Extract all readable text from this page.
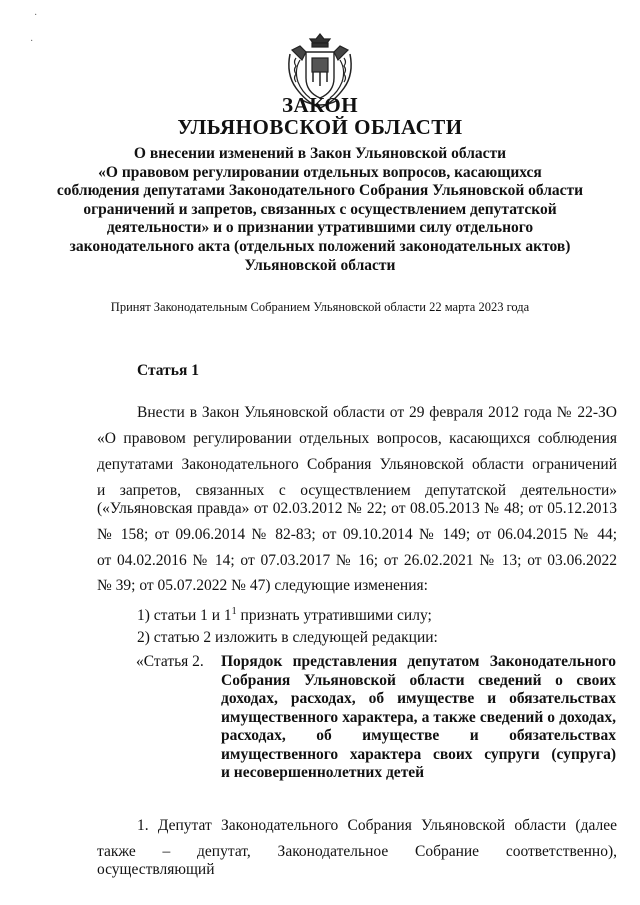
·
·
ЗАКОН
УЛЬЯНОВСКОЙ ОБЛАСТИ
О внесении изменений в Закон Ульяновской области
«О правовом регулировании отдельных вопросов, касающихся
соблюдения депутатами Законодательного Собрания Ульяновской области
ограничений и запретов, связанных с осуществлением депутатской
деятельности» и о признании утратившими силу отдельного
законодательного акта (отдельных положений законодательных актов)
Ульяновской области
Принят Законодательным Собранием Ульяновской области 22 марта 2023 года
Статья 1
Внести в Закон Ульяновской области от 29 февраля 2012 года № 22-ЗО
«О правовом регулировании отдельных вопросов, касающихся соблюдения
депутатами Законодательного Собрания Ульяновской области ограничений
и запретов, связанных с осуществлением депутатской деятельности»
(«Ульяновская правда» от 02.03.2012 № 22; от 08.05.2013 № 48; от 05.12.2013
№ 158; от 09.06.2014 № 82-83; от 09.10.2014 № 149; от 06.04.2015 № 44;
от 04.02.2016 № 14; от 07.03.2017 № 16; от 26.02.2021 № 13; от 03.06.2022
№ 39; от 05.07.2022 № 47) следующие изменения:
1) статьи 1 и $1^1$ признать утратившими силу;
2) статью 2 изложить в следующей редакции:
«Статья 2. Порядок представления депутатом Законодательного
Собрания Ульяновской области сведений о своих
доходах, расходах, об имуществе и обязательствах
имущественного характера, а также сведений о доходах,
расходах, об имуществе и обязательствах
имущественного характера своих супруги (супруга)
и несовершеннолетних детей
1. Депутат Законодательного Собрания Ульяновской области (далее
также – депутат, Законодательное Собрание соответственно), осуществляющий
